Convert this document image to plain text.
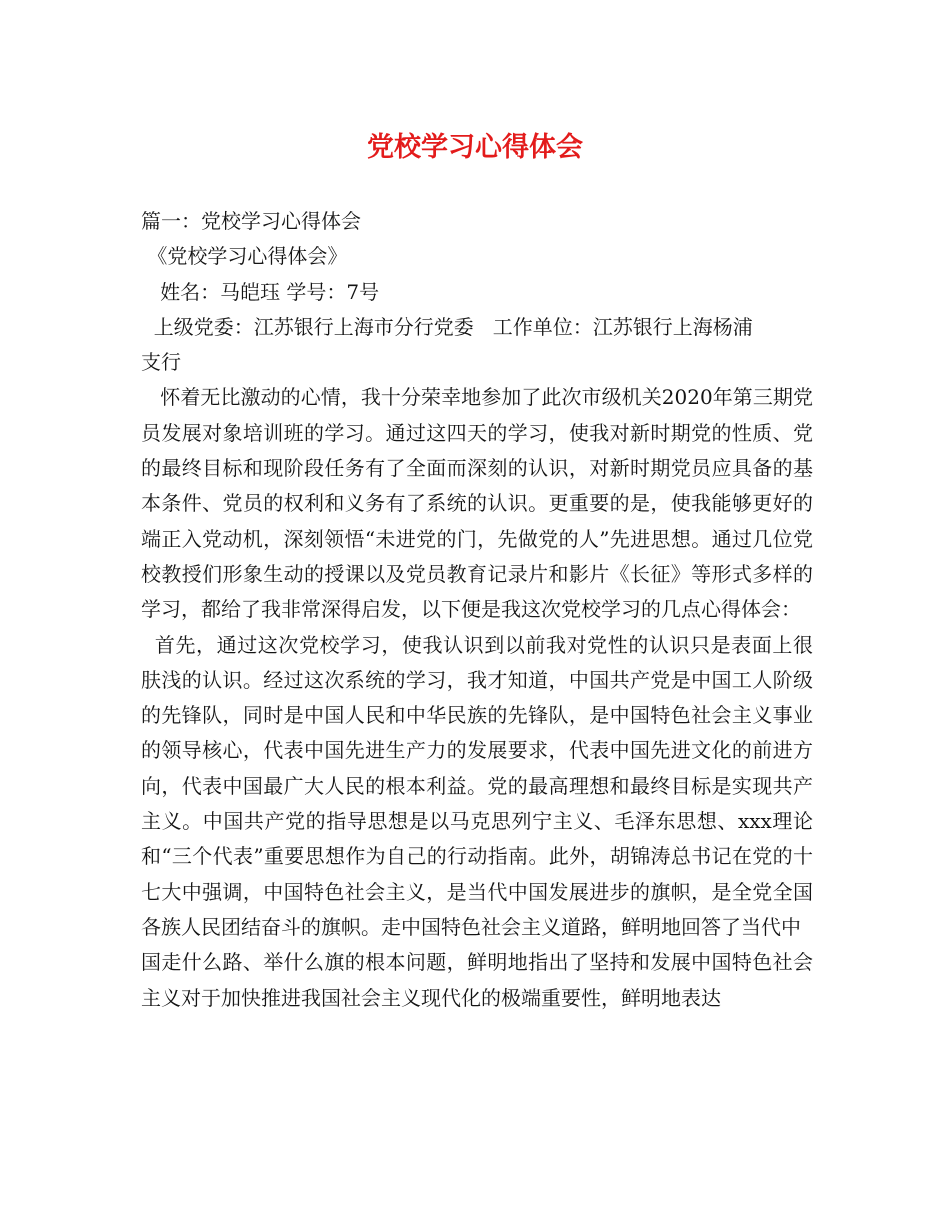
党校学习心得体会
篇一：党校学习心得体会
《党校学习心得体会》
姓名：马皑珏 学号：7号
上级党委：江苏银行上海市分行党委   工作单位：江苏银行上海杨浦
支行

怀着无比激动的心情，我十分荣幸地参加了此次市级机关2020年第三期党员发展对象培训班的学习。通过这四天的学习，使我对新时期党的性质、党的最终目标和现阶段任务有了全面而深刻的认识，对新时期党员应具备的基本条件、党员的权利和义务有了系统的认识。更重要的是，使我能够更好的端正入党动机，深刻领悟“未进党的门，先做党的人”先进思想。通过几位党校教授们形象生动的授课以及党员教育记录片和影片《长征》等形式多样的学习，都给了我非常深得启发，以下便是我这次党校学习的几点心得体会：

首先，通过这次党校学习，使我认识到以前我对党性的认识只是表面上很肤浅的认识。经过这次系统的学习，我才知道，中国共产党是中国工人阶级的先锋队，同时是中国人民和中华民族的先锋队，是中国特色社会主义事业的领导核心，代表中国先进生产力的发展要求，代表中国先进文化的前进方向，代表中国最广大人民的根本利益。党的最高理想和最终目标是实现共产主义。中国共产党的指导思想是以马克思列宁主义、毛泽东思想、xxx理论和“三个代表”重要思想作为自己的行动指南。此外，胡锦涛总书记在党的十七大中强调，中国特色社会主义，是当代中国发展进步的旗帜，是全党全国各族人民团结奋斗的旗帜。走中国特色社会主义道路，鲜明地回答了当代中

国走什么路、举什么旗的根本问题，鲜明地指出了坚持和发展中国特色社会主义对于加快推进我国社会主义现代化的极端重要性，鲜明地表达
